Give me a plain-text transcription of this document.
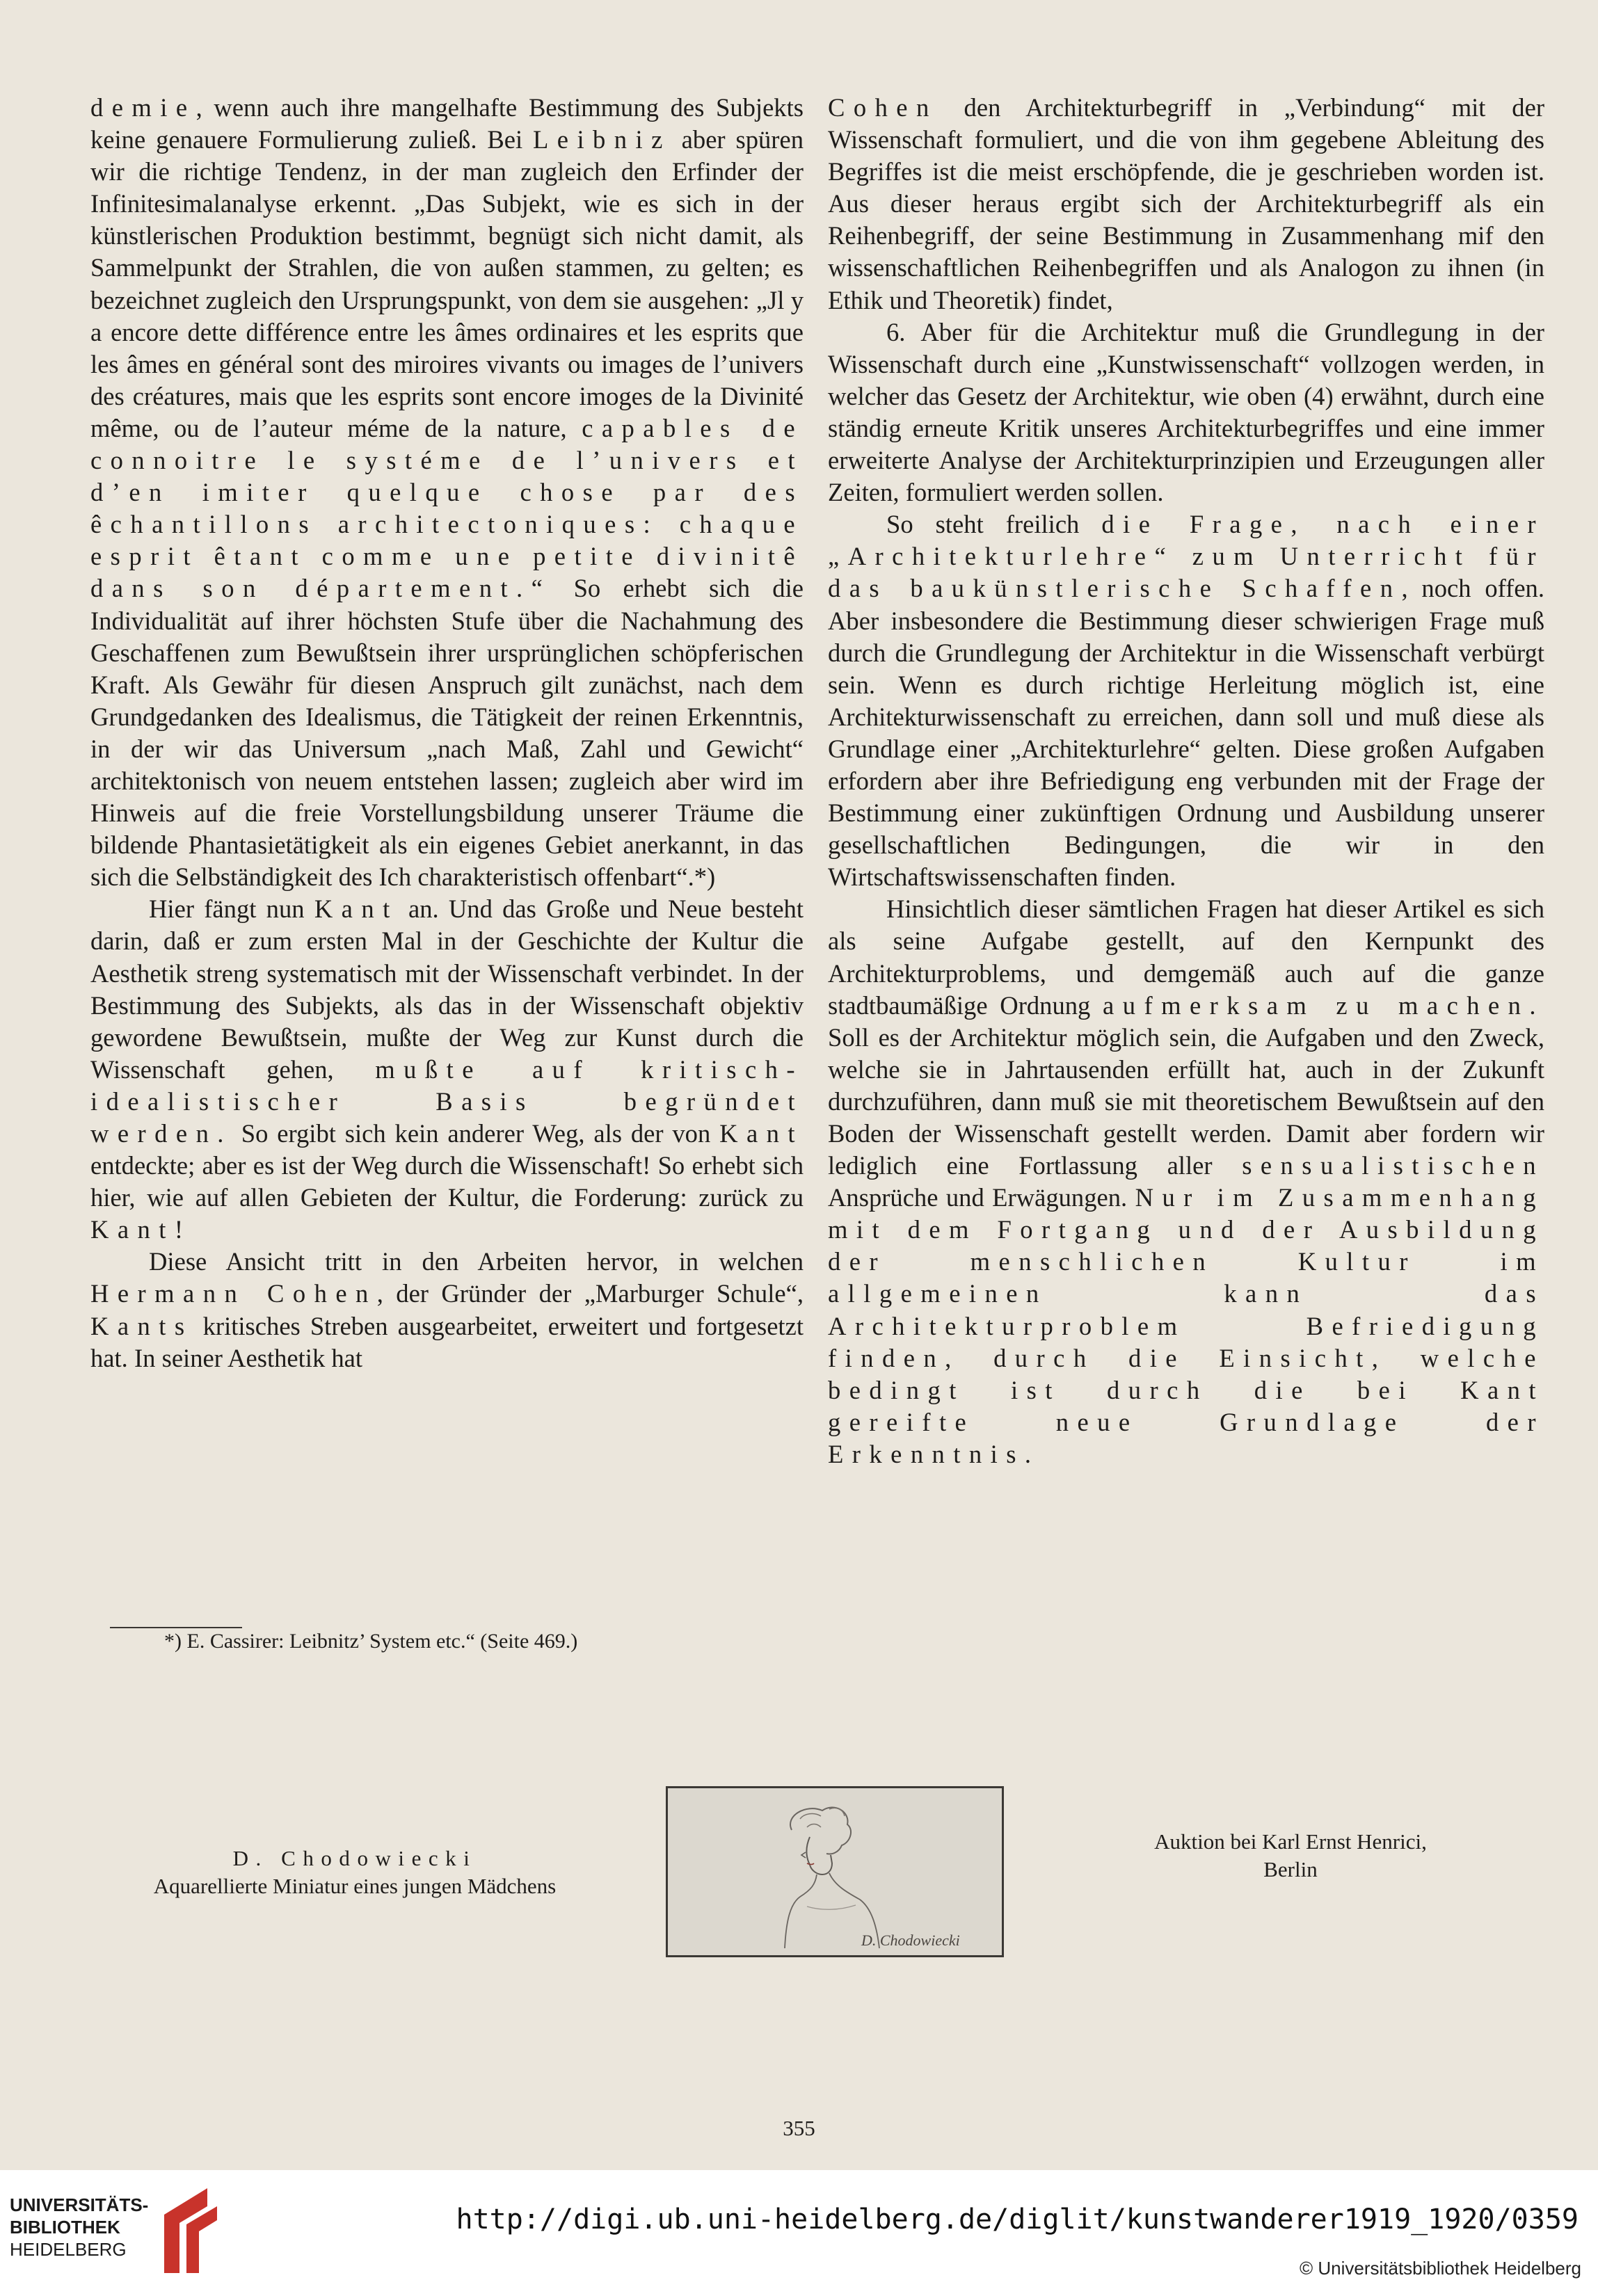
demie, wenn auch ihre mangelhafte Bestimmung des Subjekts keine genauere Formulierung zuließ. Bei Leibniz aber spüren wir die richtige Tendenz, in der man zugleich den Erfinder der Infinitesimalanalyse erkennt. „Das Subjekt, wie es sich in der künstlerischen Produktion bestimmt, begnügt sich nicht damit, als Sammelpunkt der Strahlen, die von außen stammen, zu gelten; es bezeichnet zugleich den Ursprungspunkt, von dem sie ausgehen: „Jl y a encore dette différence entre les âmes ordinaires et les esprits que les âmes en général sont des miroires vivants ou images de l’univers des créatures, mais que les esprits sont encore imoges de la Divinité même, ou de l’auteur méme de la nature, capables de connoitre le systéme de l’univers et d’en imiter quelque chose par des êchantillons architectoniques: chaque esprit êtant comme une petite divinitê dans son département.“ So erhebt sich die Individualität auf ihrer höchsten Stufe über die Nachahmung des Geschaffenen zum Bewußtsein ihrer ursprünglichen schöpferischen Kraft. Als Gewähr für diesen Anspruch gilt zunächst, nach dem Grundgedanken des Idealismus, die Tätigkeit der reinen Erkenntnis, in der wir das Universum „nach Maß, Zahl und Gewicht“ architektonisch von neuem entstehen lassen; zugleich aber wird im Hinweis auf die freie Vorstellungsbildung unserer Träume die bildende Phantasietätigkeit als ein eigenes Gebiet anerkannt, in das sich die Selbständigkeit des Ich charakteristisch offenbart“.*)

Hier fängt nun Kant an. Und das Große und Neue besteht darin, daß er zum ersten Mal in der Geschichte der Kultur die Aesthetik streng systematisch mit der Wissenschaft verbindet. In der Bestimmung des Subjekts, als das in der Wissenschaft objektiv gewordene Bewußtsein, mußte der Weg zur Kunst durch die Wissenschaft gehen, mußte auf kritisch-idealistischer Basis begründet werden. So ergibt sich kein anderer Weg, als der von Kant entdeckte; aber es ist der Weg durch die Wissenschaft! So erhebt sich hier, wie auf allen Gebieten der Kultur, die Forderung: zurück zu Kant!

Diese Ansicht tritt in den Arbeiten hervor, in welchen Hermann Cohen, der Gründer der „Marburger Schule“, Kants kritisches Streben ausgearbeitet, erweitert und fortgesetzt hat. In seiner Aesthetik hat

Cohen den Architekturbegriff in „Verbindung“ mit der Wissenschaft formuliert, und die von ihm gegebene Ableitung des Begriffes ist die meist erschöpfende, die je geschrieben worden ist. Aus dieser heraus ergibt sich der Architekturbegriff als ein Reihenbegriff, der seine Bestimmung in Zusammenhang mif den wissenschaftlichen Reihenbegriffen und als Analogon zu ihnen (in Ethik und Theoretik) findet,

6. Aber für die Architektur muß die Grundlegung in der Wissenschaft durch eine „Kunstwissenschaft“ vollzogen werden, in welcher das Gesetz der Architektur, wie oben (4) erwähnt, durch eine ständig erneute Kritik unseres Architekturbegriffes und eine immer erweiterte Analyse der Architekturprinzipien und Erzeugungen aller Zeiten, formuliert werden sollen.

So steht freilich die Frage, nach einer „Architekturlehre“ zum Unterricht für das baukünstlerische Schaffen, noch offen. Aber insbesondere die Bestimmung dieser schwierigen Frage muß durch die Grundlegung der Architektur in die Wissenschaft verbürgt sein. Wenn es durch richtige Herleitung möglich ist, eine Architekturwissenschaft zu erreichen, dann soll und muß diese als Grundlage einer „Architekturlehre“ gelten. Diese großen Aufgaben erfordern aber ihre Befriedigung eng verbunden mit der Frage der Bestimmung einer zukünftigen Ordnung und Ausbildung unserer gesellschaftlichen Bedingungen, die wir in den Wirtschaftswissenschaften finden.

Hinsichtlich dieser sämtlichen Fragen hat dieser Artikel es sich als seine Aufgabe gestellt, auf den Kernpunkt des Architekturproblems, und demgemäß auch auf die ganze stadtbaumäßige Ordnung aufmerksam zu machen. Soll es der Architektur möglich sein, die Aufgaben und den Zweck, welche sie in Jahrtausenden erfüllt hat, auch in der Zukunft durchzuführen, dann muß sie mit theoretischem Bewußtsein auf den Boden der Wissenschaft gestellt werden. Damit aber fordern wir lediglich eine Fortlassung aller sensualistischen Ansprüche und Erwägungen. Nur im Zusammenhang mit dem Fortgang und der Ausbildung der menschlichen Kultur im allgemeinen kann das Architekturproblem Befriedigung finden, durch die Einsicht, welche bedingt ist durch die bei Kant gereifte neue Grundlage der Erkenntnis.

*) E. Cassirer: Leibnitz’ System etc.“ (Seite 469.)
D. Chodowiecki
D. Chodowiecki
Aquarellierte Miniatur eines jungen Mädchens
Auktion bei Karl Ernst Henrici,
Berlin
355
UNIVERSITÄTS-
BIBLIOTHEK
HEIDELBERG
http://digi.ub.uni-heidelberg.de/diglit/kunstwanderer1919_1920/0359
© Universitätsbibliothek Heidelberg
